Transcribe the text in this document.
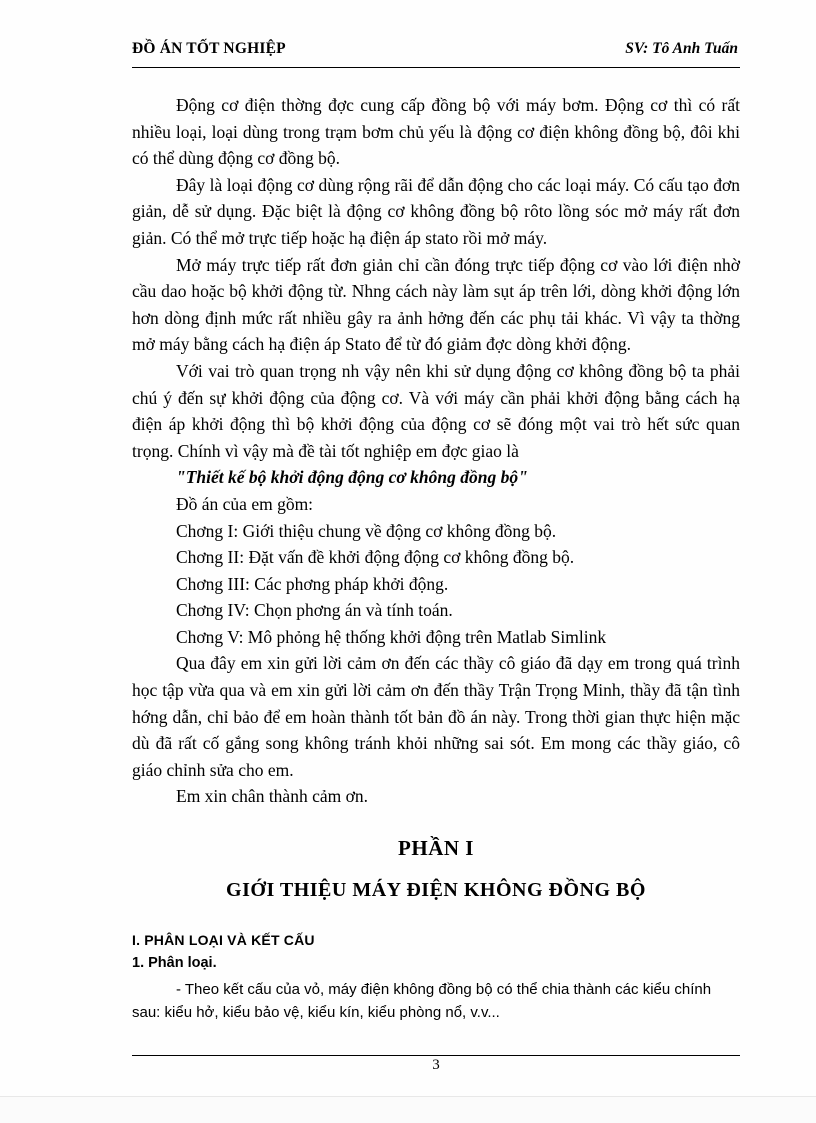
ĐỒ ÁN TỐT NGHIỆP	SV: Tô Anh Tuấn

Động cơ điện thờng đợc cung cấp đồng bộ với máy bơm. Động cơ thì có rất nhiều loại, loại dùng trong trạm bơm chủ yếu là động cơ điện không đồng bộ, đôi khi có thể dùng động cơ đồng bộ.

Đây là loại động cơ dùng rộng rãi để dẫn động cho các loại máy. Có cấu tạo đơn giản, dễ sử dụng. Đặc biệt là động cơ không đồng bộ rôto lồng sóc mở máy rất đơn giản. Có thể mở trực tiếp hoặc hạ điện áp stato rồi mở máy.

Mở máy trực tiếp rất đơn giản chỉ cần đóng trực tiếp động cơ vào lới điện nhờ cầu dao hoặc bộ khởi động từ. Nhng cách này làm sụt áp trên lới, dòng khởi động lớn hơn dòng định mức rất nhiều gây ra ảnh hởng đến các phụ tải khác. Vì vậy ta thờng mở máy bằng cách hạ điện áp Stato để từ đó giảm đợc dòng khởi động.

Với vai trò quan trọng nh vậy nên khi sử dụng động cơ không đồng bộ ta phải chú ý đến sự khởi động của động cơ. Và với máy cần phải khởi động bằng cách hạ điện áp khởi động thì bộ khởi động của động cơ sẽ đóng một vai trò hết sức quan trọng. Chính vì vậy mà đề tài tốt nghiệp em đợc giao là

"Thiết kế bộ khởi động động cơ không đồng bộ"

Đồ án của em gồm:

Chơng I: Giới thiệu chung về động cơ không đồng bộ.

Chơng II: Đặt vấn đề khởi động động cơ không đồng bộ.

Chơng III: Các phơng pháp khởi động.

Chơng IV: Chọn phơng án và tính toán.

Chơng V: Mô phỏng hệ thống khởi động trên Matlab Simlink

Qua đây em xin gửi lời cảm ơn đến các thầy cô giáo đã dạy em trong quá trình học tập vừa qua và em xin gửi lời cảm ơn đến thầy Trận Trọng Minh, thầy đã tận tình hớng dẫn, chỉ bảo để em hoàn thành tốt bản đồ án này. Trong thời gian thực hiện mặc dù đã rất cố gắng song không tránh khỏi những sai sót. Em mong các thầy giáo, cô giáo chỉnh sửa cho em.

Em xin chân thành cảm ơn.

PHẦN I
GIỚI THIỆU MÁY ĐIỆN KHÔNG ĐỒNG BỘ
I. PHÂN LOẠI VÀ KẾT CẤU
1. Phân loại.
- Theo kết cấu của vỏ, máy điện không đồng bộ có thể chia thành các kiểu chính sau: kiểu hở, kiểu bảo vệ, kiểu kín, kiểu phòng nổ, v.v...
3
